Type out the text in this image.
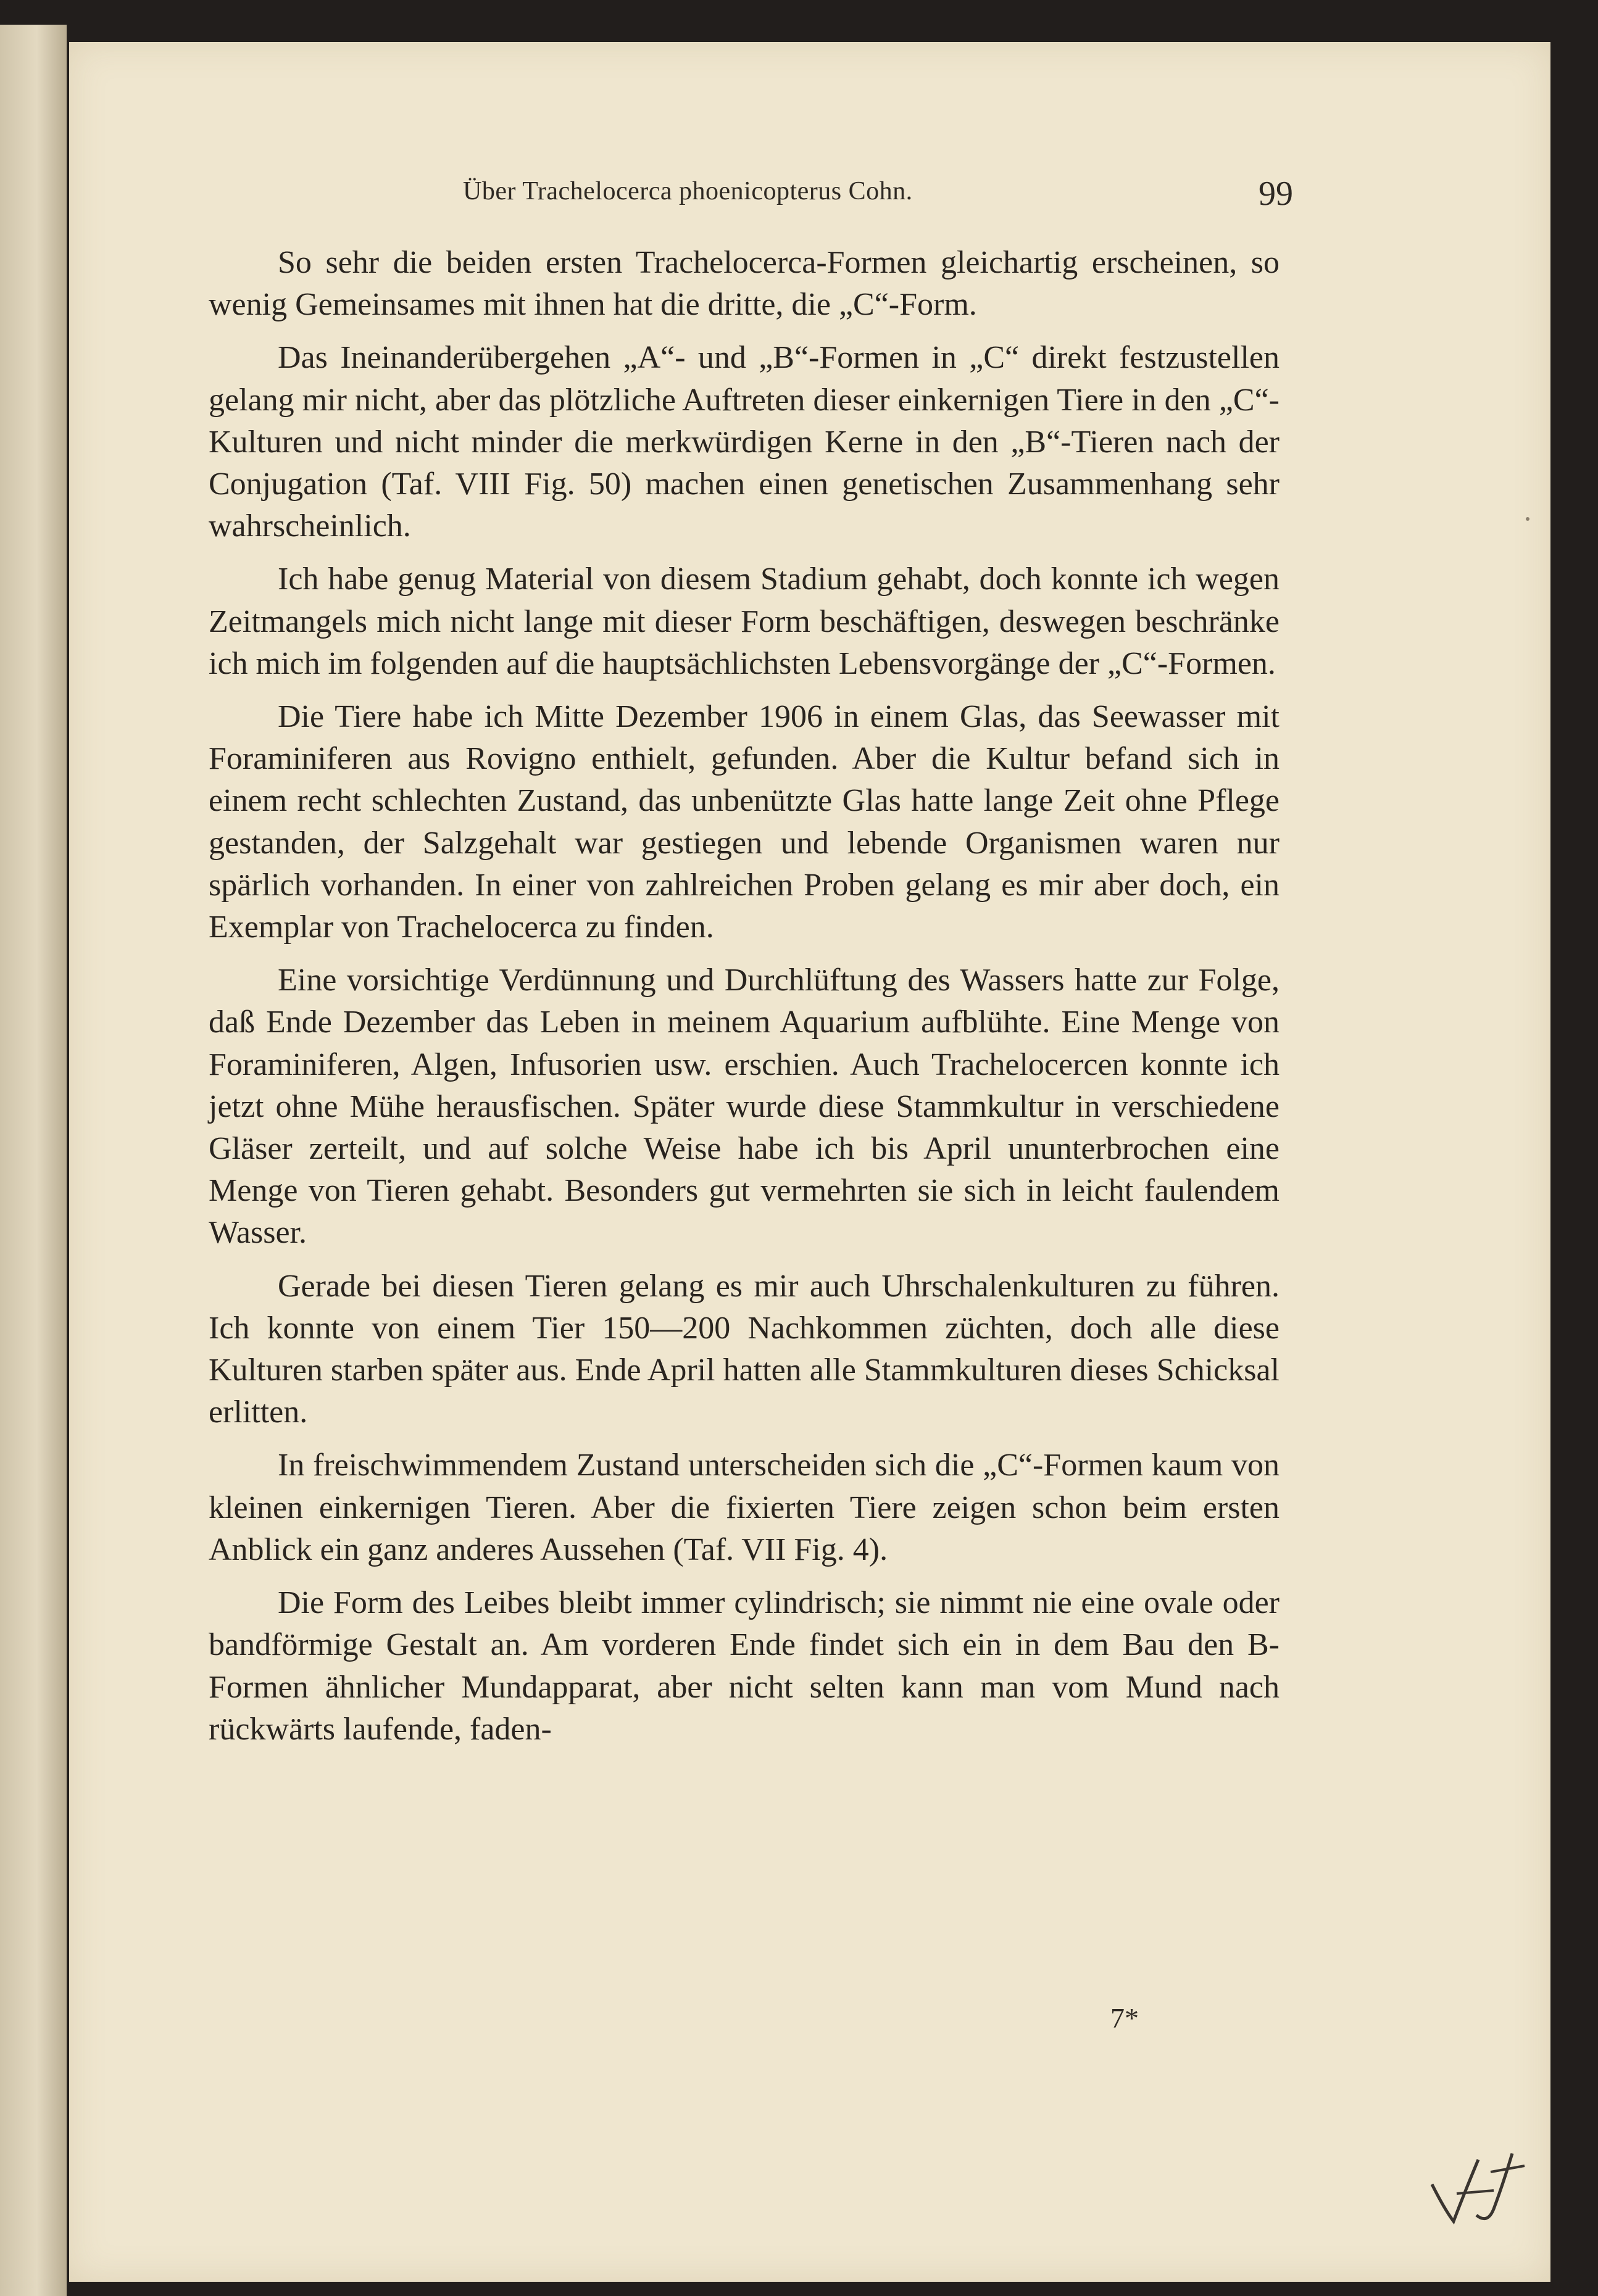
Über Trachelocerca phoenicopterus Cohn.	99

So sehr die beiden ersten Trachelocerca-Formen gleichartig erscheinen, so wenig Gemeinsames mit ihnen hat die dritte, die „C“-Form.

Das Ineinanderübergehen „A“- und „B“-Formen in „C“ direkt festzustellen gelang mir nicht, aber das plötzliche Auftreten dieser einkernigen Tiere in den „C“-Kulturen und nicht minder die merkwürdigen Kerne in den „B“-Tieren nach der Conjugation (Taf. VIII Fig. 50) machen einen genetischen Zusammenhang sehr wahrscheinlich.

Ich habe genug Material von diesem Stadium gehabt, doch konnte ich wegen Zeitmangels mich nicht lange mit dieser Form beschäftigen, deswegen beschränke ich mich im folgenden auf die hauptsächlichsten Lebensvorgänge der „C“-Formen.

Die Tiere habe ich Mitte Dezember 1906 in einem Glas, das Seewasser mit Foraminiferen aus Rovigno enthielt, gefunden. Aber die Kultur befand sich in einem recht schlechten Zustand, das unbenützte Glas hatte lange Zeit ohne Pflege gestanden, der Salzgehalt war gestiegen und lebende Organismen waren nur spärlich vorhanden. In einer von zahlreichen Proben gelang es mir aber doch, ein Exemplar von Trachelocerca zu finden.

Eine vorsichtige Verdünnung und Durchlüftung des Wassers hatte zur Folge, daß Ende Dezember das Leben in meinem Aquarium aufblühte. Eine Menge von Foraminiferen, Algen, Infusorien usw. erschien. Auch Trachelocercen konnte ich jetzt ohne Mühe herausfischen. Später wurde diese Stammkultur in verschiedene Gläser zerteilt, und auf solche Weise habe ich bis April ununterbrochen eine Menge von Tieren gehabt. Besonders gut vermehrten sie sich in leicht faulendem Wasser.

Gerade bei diesen Tieren gelang es mir auch Uhrschalenkulturen zu führen. Ich konnte von einem Tier 150—200 Nachkommen züchten, doch alle diese Kulturen starben später aus. Ende April hatten alle Stammkulturen dieses Schicksal erlitten.

In freischwimmendem Zustand unterscheiden sich die „C“-Formen kaum von kleinen einkernigen Tieren. Aber die fixierten Tiere zeigen schon beim ersten Anblick ein ganz anderes Aussehen (Taf. VII Fig. 4).

Die Form des Leibes bleibt immer cylindrisch; sie nimmt nie eine ovale oder bandförmige Gestalt an. Am vorderen Ende findet sich ein in dem Bau den B-Formen ähnlicher Mundapparat, aber nicht selten kann man vom Mund nach rückwärts laufende, faden-

7*
